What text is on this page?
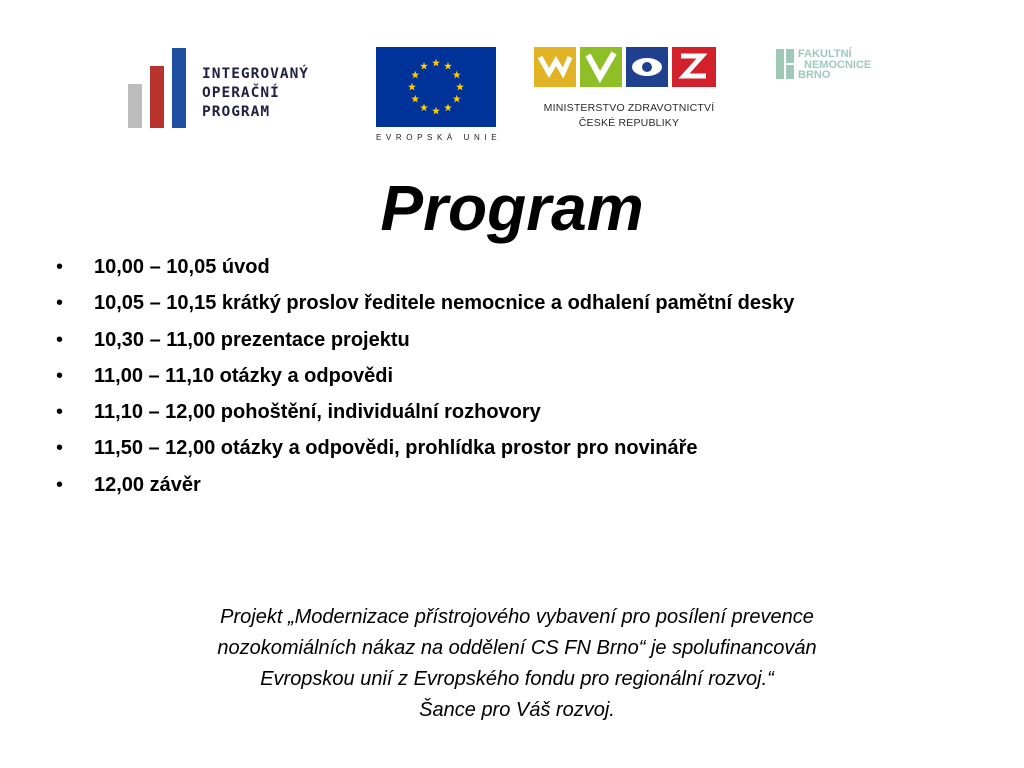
INTEGROVANÝ
OPERAČNÍ
PROGRAM
EVROPSKÁ UNIE
MINISTERSTVO ZDRAVOTNICTVÍ
ČESKÉ REPUBLIKY
FAKULTNÍ
NEMOCNICE
BRNO
Program
• 10,00 – 10,05 úvod
• 10,05 – 10,15 krátký proslov ředitele nemocnice a odhalení pamětní desky
• 10,30 – 11,00 prezentace projektu
• 11,00 – 11,10 otázky a odpovědi
• 11,10 – 12,00 pohoštění, individuální rozhovory
• 11,50 – 12,00 otázky a odpovědi, prohlídka prostor pro novináře
• 12,00 závěr
Projekt „Modernizace přístrojového vybavení pro posílení prevence
nozokomiálních nákaz na oddělení CS FN Brno“ je spolufinancován
Evropskou unií z Evropského fondu pro regionální rozvoj.“
Šance pro Váš rozvoj.
